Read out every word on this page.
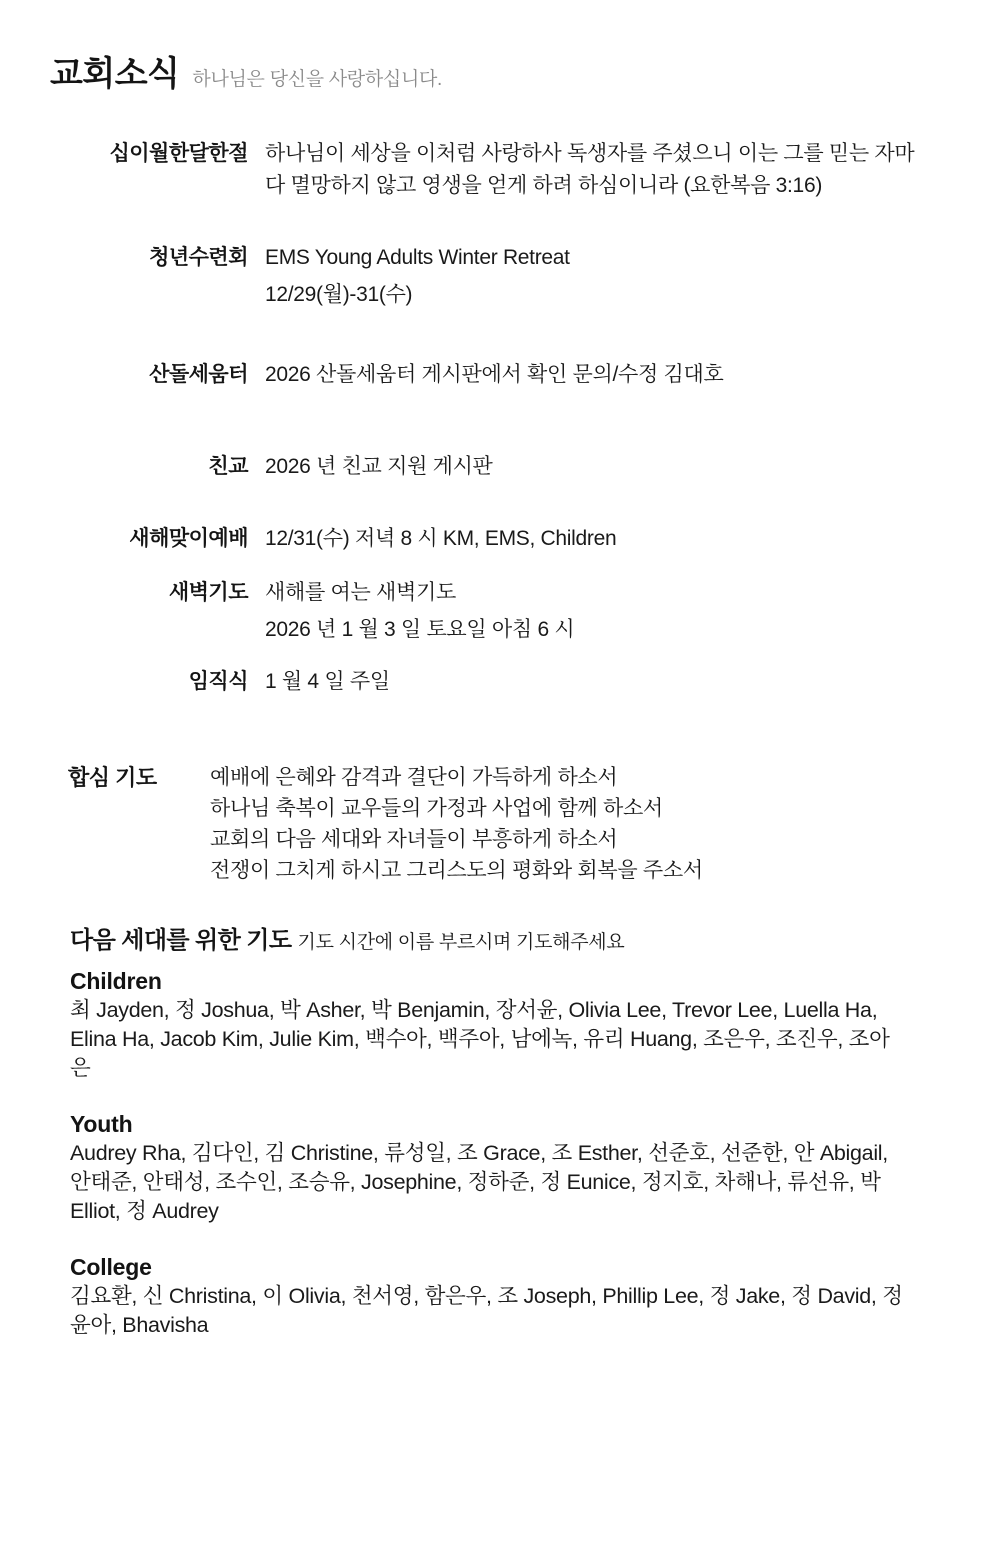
교회소식 하나님은 당신을 사랑하십니다.
십이월한달한절 하나님이 세상을 이처럼 사랑하사 독생자를 주셨으니 이는 그를 믿는 자마다 멸망하지 않고 영생을 얻게 하려 하심이니라 (요한복음 3:16)

청년수련회 EMS Young Adults Winter Retreat

12/29(월)-31(수)

산돌세움터 2026 산돌세움터 게시판에서 확인 문의/수정 김대호

친교 2026 년 친교 지원 게시판

새해맞이예배 12/31(수) 저녁 8 시 KM, EMS, Children

새벽기도 새해를 여는 새벽기도

2026 년 1 월 3 일 토요일 아침 6 시

임직식 1 월 4 일 주일

합심 기도	예배에 은혜와 감격과 결단이 가득하게 하소서

하나님 축복이 교우들의 가정과 사업에 함께 하소서

교회의 다음 세대와 자녀들이 부흥하게 하소서

전쟁이 그치게 하시고 그리스도의 평화와 회복을 주소서

다음 세대를 위한 기도 기도 시간에 이름 부르시며 기도해주세요
Children

최 Jayden, 정 Joshua, 박 Asher, 박 Benjamin, 장서윤, Olivia Lee, Trevor Lee, Luella Ha, Elina Ha, Jacob Kim, Julie Kim, 백수아, 백주아, 남에녹, 유리 Huang, 조은우, 조진우, 조아은

Youth

Audrey Rha, 김다인, 김 Christine, 류성일, 조 Grace, 조 Esther, 선준호, 선준한, 안 Abigail, 안태준, 안태성, 조수인, 조승유, Josephine, 정하준, 정 Eunice, 정지호, 차해나, 류선유, 박 Elliot, 정 Audrey

College

김요환, 신 Christina, 이 Olivia, 천서영, 함은우, 조 Joseph, Phillip Lee, 정 Jake, 정 David, 정윤아, Bhavisha
